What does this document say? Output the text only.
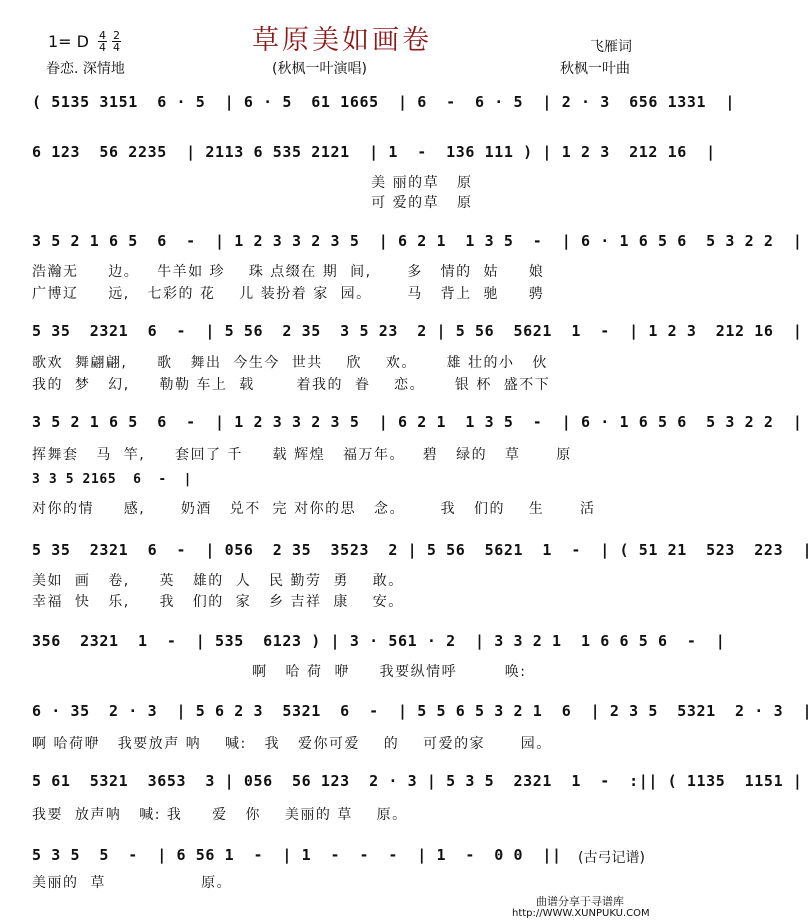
草原美如画卷
1= D 4
4
2
4
眷恋. 深情地	(秋枫一叶演唱)
飞雁词
秋枫一叶曲
( 5135 3151  6 · 5  | 6 · 5  61 1665  | 6  -  6 · 5  | 2 · 3  656 1331  |
6 123  56 2235  | 2113 6 535 2121  | 1  -  136 111 ) | 1 2 3  212 16  |
美 丽的草   原
可 爱的草   原
3 5 2 1 6 5  6  -  | 1 2 3 3 2 3 5  | 6 2 1  1 3 5  -  | 6 · 1 6 5 6  5 3 2 2  |
浩瀚无     边。   牛羊如 珍    珠 点缀在 期  间,      多   情的  姑     娘
广博辽     远,   七彩的 花    儿 装扮着 家  园。      马   背上  驰     骋
5 35  2321  6  -  | 5 56  2 35  3 5 23  2 | 5 56  5621  1  -  | 1 2 3  212 16  |
歌欢  舞翩翩,     歌   舞出  今生今  世共    欣    欢。     雄 壮的小   伙
我的  梦   幻,     勒勒 车上  载       着我的  眷    恋。     银 杯  盛不下
3 5 2 1 6 5  6  -  | 1 2 3 3 2 3 5  | 6 2 1  1 3 5  -  | 6 · 1 6 5 6  5 3 2 2  |
挥舞套   马  竿,     套回了 千     载 辉煌   福万年。   碧   绿的   草      原
3 3 5 2165  6  -  |
对你的情     感,      奶酒   兑不  完 对你的思   念。      我   们的    生      活
5 35  2321  6  -  | 056  2 35  3523  2 | 5 56  5621  1  -  | ( 51 21  523  223  |
美如  画   卷,     英   雄的  人   民 勤劳  勇    敢。
幸福  快   乐,     我   们的  家   乡 吉祥  康    安。
356  2321  1  -  | 535  6123 ) | 3 · 561 · 2  | 3 3 2 1  1 6 6 5 6  -  |
啊   哈 荷  咿     我要纵情呼        唤:
6 · 35  2 · 3  | 5 6 2 3  5321  6  -  | 5 5 6 5 3 2 1  6  | 2 3 5  5321  2 · 3  |
啊 哈荷咿   我要放声 呐    喊:   我   爱你可爱    的    可爱的家      园。
5 61  5321  3653  3 | 056  56 123  2 · 3 | 5 3 5  2321  1  -  :|| ( 1135  1151 |
我要  放声呐   喊: 我     爱   你    美丽的 草    原。
5 3 5  5  -  | 6 56 1  -  | 1  -  -  -  | 1  -  0 0  ||
美丽的  草                原。
(古弓记谱)
曲谱分享于寻谱库
http://WWW.XUNPUKU.COM
